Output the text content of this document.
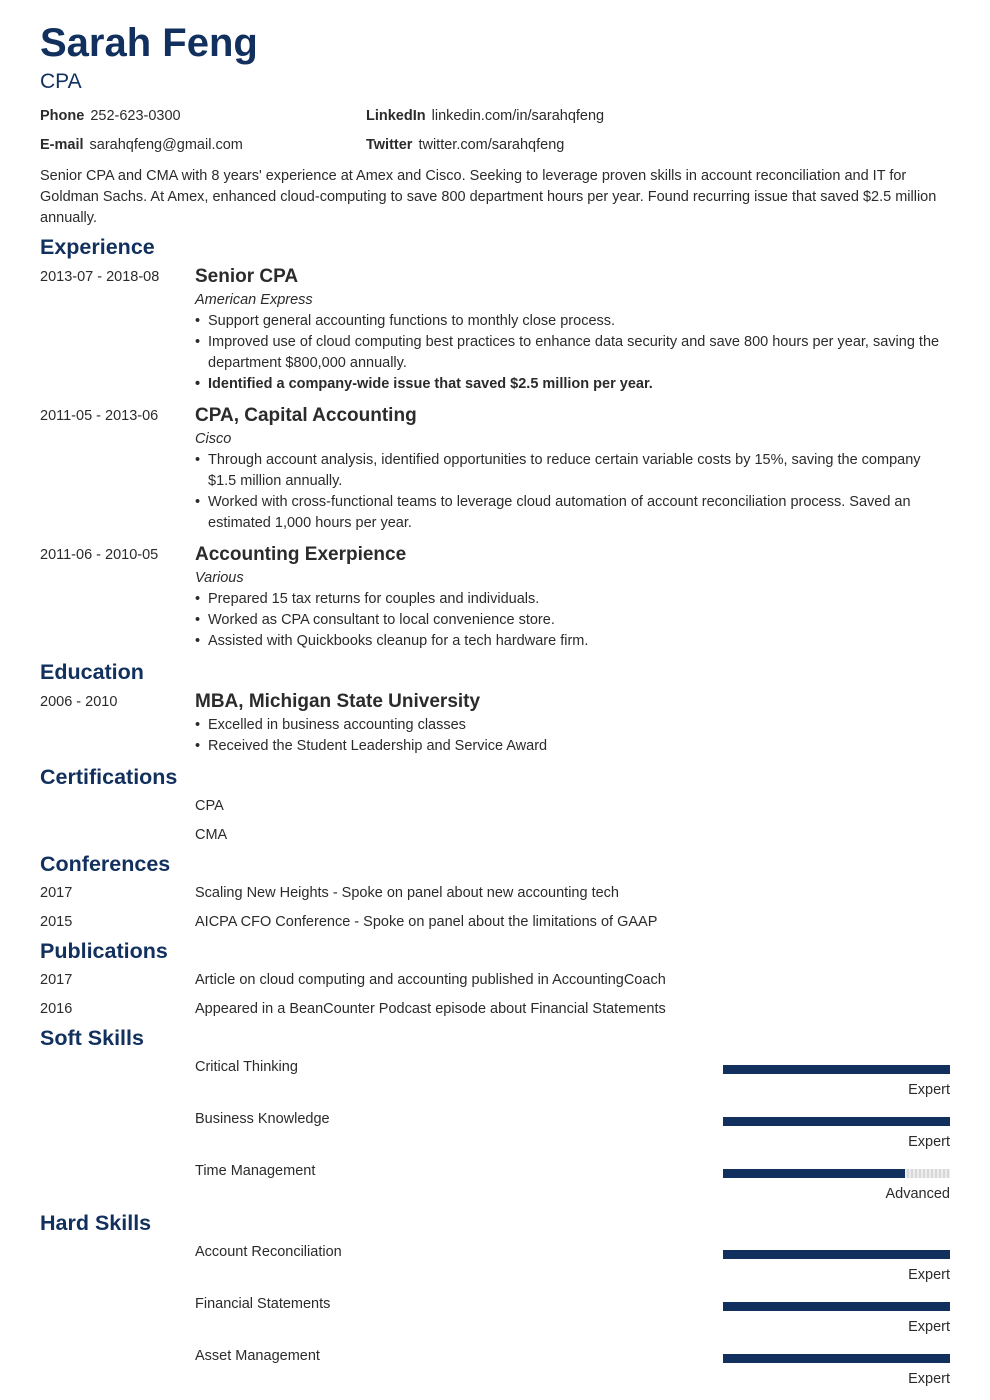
Sarah Feng
CPA
Phone 252-623-0300
E-mail sarahqfeng@gmail.com
LinkedIn linkedin.com/in/sarahqfeng
Twitter twitter.com/sarahqfeng
Senior CPA and CMA with 8 years' experience at Amex and Cisco. Seeking to leverage proven skills in account reconciliation and IT for Goldman Sachs. At Amex, enhanced cloud-computing to save 800 department hours per year. Found recurring issue that saved $2.5 million annually.
Experience
2013-07 - 2018-08 Senior CPA
American Express
• Support general accounting functions to monthly close process.
• Improved use of cloud computing best practices to enhance data security and save 800 hours per year, saving the department $800,000 annually.
• Identified a company-wide issue that saved $2.5 million per year.
2011-05 - 2013-06 CPA, Capital Accounting
Cisco
• Through account analysis, identified opportunities to reduce certain variable costs by 15%, saving the company $1.5 million annually.
• Worked with cross-functional teams to leverage cloud automation of account reconciliation process. Saved an estimated 1,000 hours per year.
2011-06 - 2010-05 Accounting Exerpience
Various
• Prepared 15 tax returns for couples and individuals.
• Worked as CPA consultant to local convenience store.
• Assisted with Quickbooks cleanup for a tech hardware firm.
Education
2006 - 2010	MBA, Michigan State University
• Excelled in business accounting classes
• Received the Student Leadership and Service Award
Certifications
CPA
CMA
Conferences
2017	Scaling New Heights - Spoke on panel about new accounting tech
2015	AICPA CFO Conference - Spoke on panel about the limitations of GAAP
Publications
2017	Article on cloud computing and accounting published in AccountingCoach
2016	Appeared in a BeanCounter Podcast episode about Financial Statements
Soft Skills
Critical Thinking
Expert
Business Knowledge
Expert
Time Management
Advanced
Hard Skills
Account Reconciliation
Expert
Financial Statements
Expert
Asset Management
Expert
